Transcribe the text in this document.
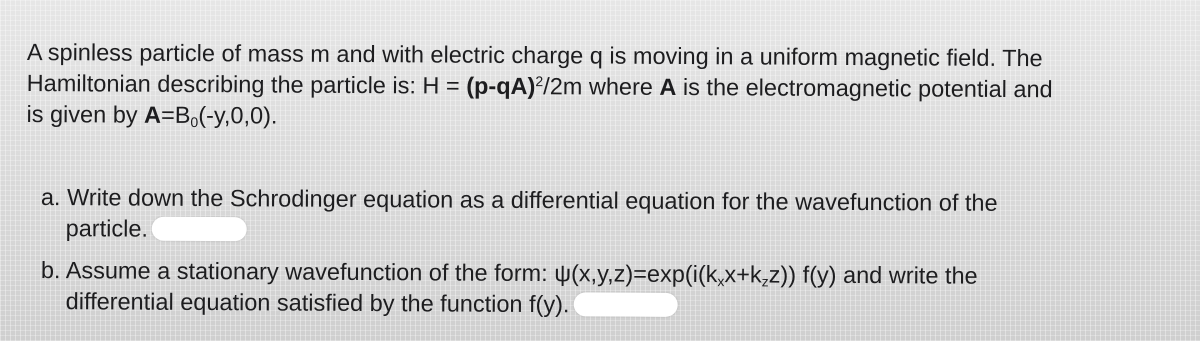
A spinless particle of mass m and with electric charge q is moving in a uniform magnetic field. The
Hamiltonian describing the particle is: $H = (p-qA)^2/2m$ where A is the electromagnetic potential and
is given by $A=B_0(-y,0,0)$.
a. Write down the Schrodinger equation as a differential equation for the wavefunction of the
particle.
b. Assume a stationary wavefunction of the form: $\psi(x,y,z)=\exp(i(k_xx+k_zz))$ f(y) and write the
differential equation satisfied by the function f(y).
